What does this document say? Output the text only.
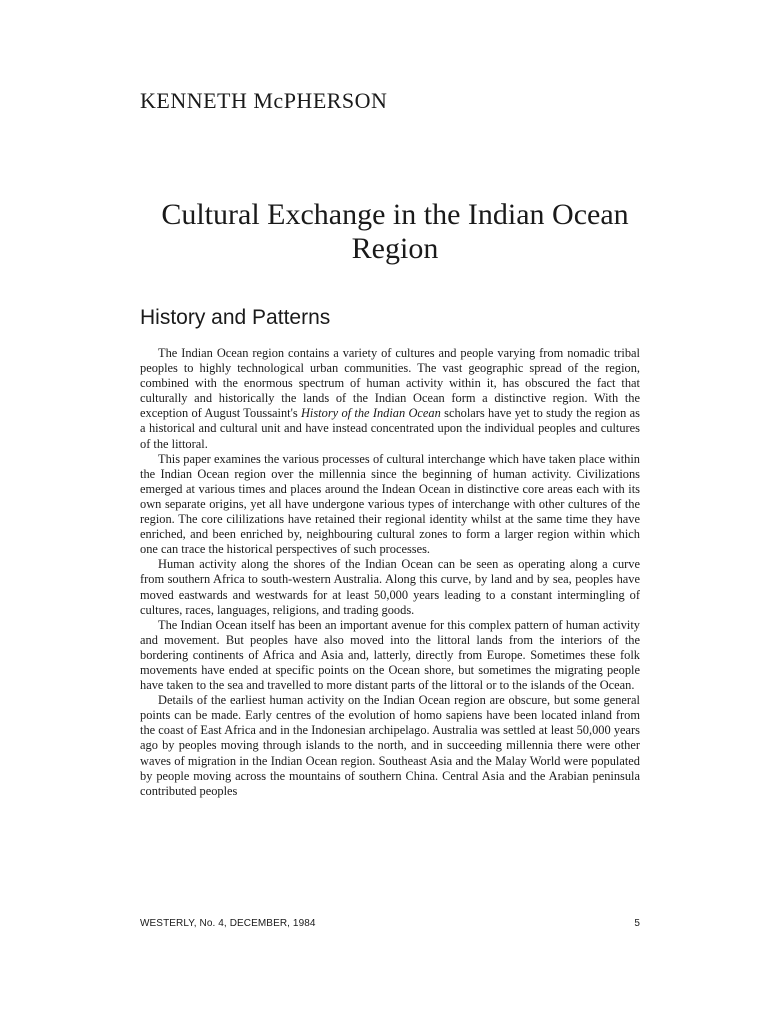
KENNETH McPHERSON
Cultural Exchange in the Indian Ocean Region
History and Patterns

The Indian Ocean region contains a variety of cultures and people varying from nomadic tribal peoples to highly technological urban communities. The vast geographic spread of the region, combined with the enormous spectrum of human activity within it, has obscured the fact that culturally and historically the lands of the Indian Ocean form a distinctive region. With the exception of August Toussaint's History of the Indian Ocean scholars have yet to study the region as a historical and cultural unit and have instead concentrated upon the individual peoples and cultures of the littoral.

This paper examines the various processes of cultural interchange which have taken place within the Indian Ocean region over the millennia since the beginning of human activity. Civilizations emerged at various times and places around the Indean Ocean in distinctive core areas each with its own separate origins, yet all have undergone various types of interchange with other cultures of the region. The core cililizations have retained their regional identity whilst at the same time they have enriched, and been enriched by, neighbouring cultural zones to form a larger region within which one can trace the historical perspectives of such processes.

Human activity along the shores of the Indian Ocean can be seen as operating along a curve from southern Africa to south-western Australia. Along this curve, by land and by sea, peoples have moved eastwards and westwards for at least 50,000 years leading to a constant intermingling of cultures, races, languages, religions, and trading goods.

The Indian Ocean itself has been an important avenue for this complex pattern of human activity and movement. But peoples have also moved into the littoral lands from the interiors of the bordering continents of Africa and Asia and, latterly, directly from Europe. Sometimes these folk movements have ended at specific points on the Ocean shore, but sometimes the migrating people have taken to the sea and travelled to more distant parts of the littoral or to the islands of the Ocean.

Details of the earliest human activity on the Indian Ocean region are obscure, but some general points can be made. Early centres of the evolution of homo sapiens have been located inland from the coast of East Africa and in the Indonesian archipelago. Australia was settled at least 50,000 years ago by peoples moving through islands to the north, and in succeeding millennia there were other waves of migration in the Indian Ocean region. Southeast Asia and the Malay World were populated by people moving across the mountains of southern China. Central Asia and the Arabian peninsula contributed peoples

WESTERLY, No. 4, DECEMBER, 1984	5
